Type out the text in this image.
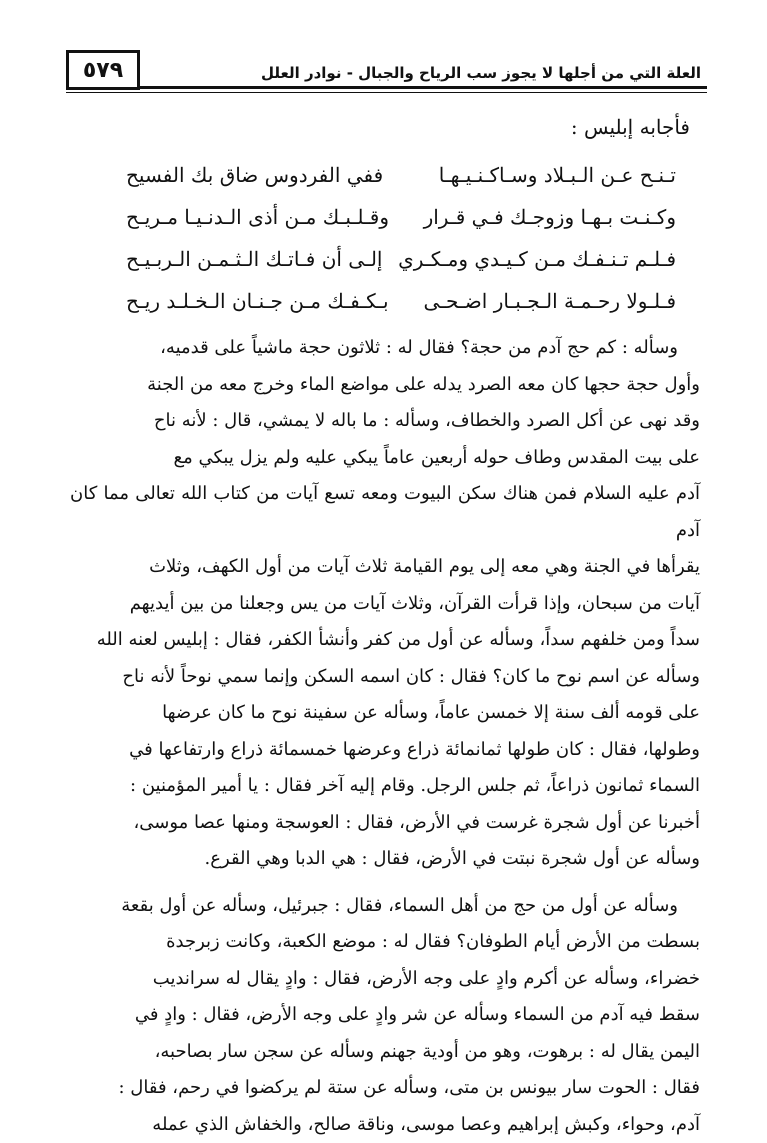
العلة التي من أجلها لا يجوز سب الرياح والجبال - نوادر العلل
٥٧٩
فأجابه إبليس :
تـنـح عـن الـبـلاد وسـاكـنـيـهـا
ففي الفردوس ضاق بك الفسيح
وكـنـت بـهـا وزوجـك فـي قـرار
وقـلـبـك مـن أذى الـدنـيـا مـريـح
فـلـم تـنـفـك مـن كـيـدي ومـكـري
إلـى أن فـاتـك الـثـمـن الـربـيـح
فـلـولا رحـمـة الـجـبـار اضـحـى
بـكـفـك مـن جـنـان الـخـلـد ريـح

وسأله : كم حج آدم من حجة؟ فقال له : ثلاثون حجة ماشياً على قدميه،

وأول حجة حجها كان معه الصرد يدله على مواضع الماء وخرج معه من الجنة

وقد نهى عن أكل الصرد والخطاف، وسأله : ما باله لا يمشي، قال : لأنه ناح

على بيت المقدس وطاف حوله أربعين عاماً يبكي عليه ولم يزل يبكي مع

آدم عليه السلام فمن هناك سكن البيوت ومعه تسع آيات من كتاب الله تعالى مما كان آدم

يقرأها في الجنة وهي معه إلى يوم القيامة ثلاث آيات من أول الكهف، وثلاث

آيات من سبحان، وإذا قرأت القرآن، وثلاث آيات من يس وجعلنا من بين أيديهم

سداً ومن خلفهم سداً، وسأله عن أول من كفر وأنشأ الكفر، فقال : إبليس لعنه الله

وسأله عن اسم نوح ما كان؟ فقال : كان اسمه السكن وإنما سمي نوحاً لأنه ناح

على قومه ألف سنة إلا خمسن عاماً، وسأله عن سفينة نوح ما كان عرضها

وطولها، فقال : كان طولها ثمانمائة ذراع وعرضها خمسمائة ذراع وارتفاعها في

السماء ثمانون ذراعاً، ثم جلس الرجل. وقام إليه آخر فقال : يا أمير المؤمنين :

أخبرنا عن أول شجرة غرست في الأرض، فقال : العوسجة ومنها عصا موسى،

وسأله عن أول شجرة نبتت في الأرض، فقال : هي الدبا وهي القرع.

وسأله عن أول من حج من أهل السماء، فقال : جبرئيل، وسأله عن أول بقعة

بسطت من الأرض أيام الطوفان؟ فقال له : موضع الكعبة، وكانت زبرجدة

خضراء، وسأله عن أكرم وادٍ على وجه الأرض، فقال : وادٍ يقال له سرانديب

سقط فيه آدم من السماء وسأله عن شر وادٍ على وجه الأرض، فقال : وادٍ في

اليمن يقال له : برهوت، وهو من أودية جهنم وسأله عن سجن سار بصاحبه،

فقال : الحوت سار بيونس بن متى، وسأله عن ستة لم يركضوا في رحم، فقال :

آدم، وحواء، وكبش إبراهيم وعصا موسى، وناقة صالح، والخفاش الذي عمله
